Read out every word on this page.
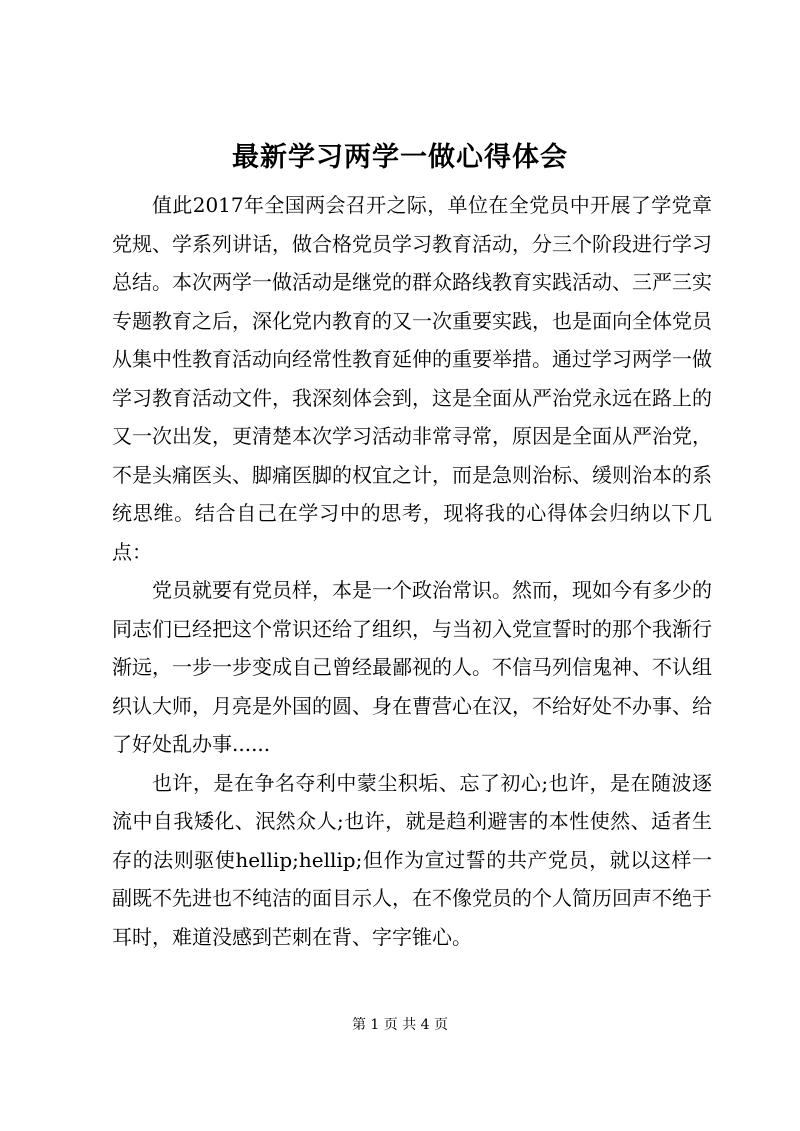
最新学习两学一做心得体会

值此2017年全国两会召开之际，单位在全党员中开展了学党章党规、学系列讲话，做合格党员学习教育活动，分三个阶段进行学习总结。本次两学一做活动是继党的群众路线教育实践活动、三严三实专题教育之后，深化党内教育的又一次重要实践，也是面向全体党员从集中性教育活动向经常性教育延伸的重要举措。通过学习两学一做学习教育活动文件，我深刻体会到，这是全面从严治党永远在路上的又一次出发，更清楚本次学习活动非常寻常，原因是全面从严治党，不是头痛医头、脚痛医脚的权宜之计，而是急则治标、缓则治本的系统思维。结合自己在学习中的思考，现将我的心得体会归纳以下几点：

党员就要有党员样，本是一个政治常识。然而，现如今有多少的同志们已经把这个常识还给了组织，与当初入党宣誓时的那个我渐行渐远，一步一步变成自己曾经最鄙视的人。不信马列信鬼神、不认组织认大师，月亮是外国的圆、身在曹营心在汉，不给好处不办事、给了好处乱办事......

也许，是在争名夺利中蒙尘积垢、忘了初心;也许，是在随波逐流中自我矮化、泯然众人;也许，就是趋利避害的本性使然、适者生存的法则驱使hellip;hellip;但作为宣过誓的共产党员，就以这样一副既不先进也不纯洁的面目示人，在不像党员的个人简历回声不绝于耳时，难道没感到芒刺在背、字字锥心。

第 1 页 共 4 页
